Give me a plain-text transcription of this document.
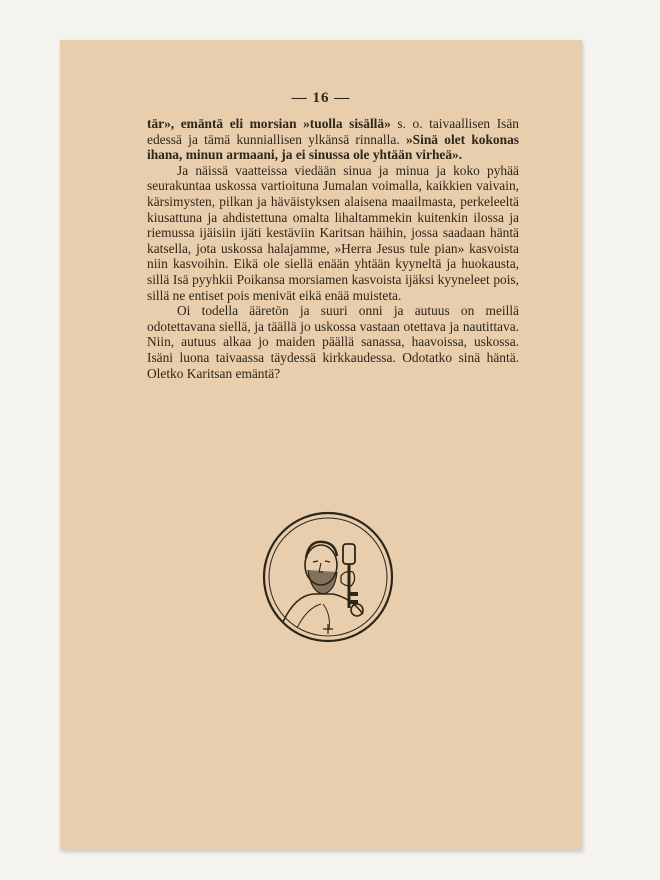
— 16 —

tär», emäntä eli morsian »tuolla sisällä» s. o. taivaallisen Isän edessä ja tämä kunniallisen ylkänsä rinnalla. »Sinä olet kokonas ihana, minun armaani, ja ei sinussa ole yhtään virheä».

Ja näissä vaatteissa viedään sinua ja minua ja koko pyhää seurakuntaa uskossa vartioituna Jumalan voimalla, kaikkien vaivain, kärsimysten, pilkan ja häväistyksen alaisena maailmasta, perkeleeltä kiusattuna ja ahdistettuna omalta lihaltammekin kuitenkin ilossa ja riemussa ijäisiin ijäti kestäviin Karitsan häihin, jossa saadaan häntä katsella, jota uskossa halajamme, »Herra Jesus tule pian» kasvoista niin kasvoihin. Eikä ole siellä enään yhtään kyyneltä ja huokausta, sillä Isä pyyhkii Poikansa morsiamen kasvoista ijäksi kyyneleet pois, sillä ne entiset pois menivät eikä enää muisteta.

Oi todella ääretön ja suuri onni ja autuus on meillä odotettavana siellä, ja täällä jo uskossa vastaan otettava ja nautittava. Niin, autuus alkaa jo maiden päällä sanassa, haavoissa, uskossa. Isäni luona taivaassa täydessä kirkkaudessa. Odotatko sinä häntä. Oletko Karitsan emäntä?
